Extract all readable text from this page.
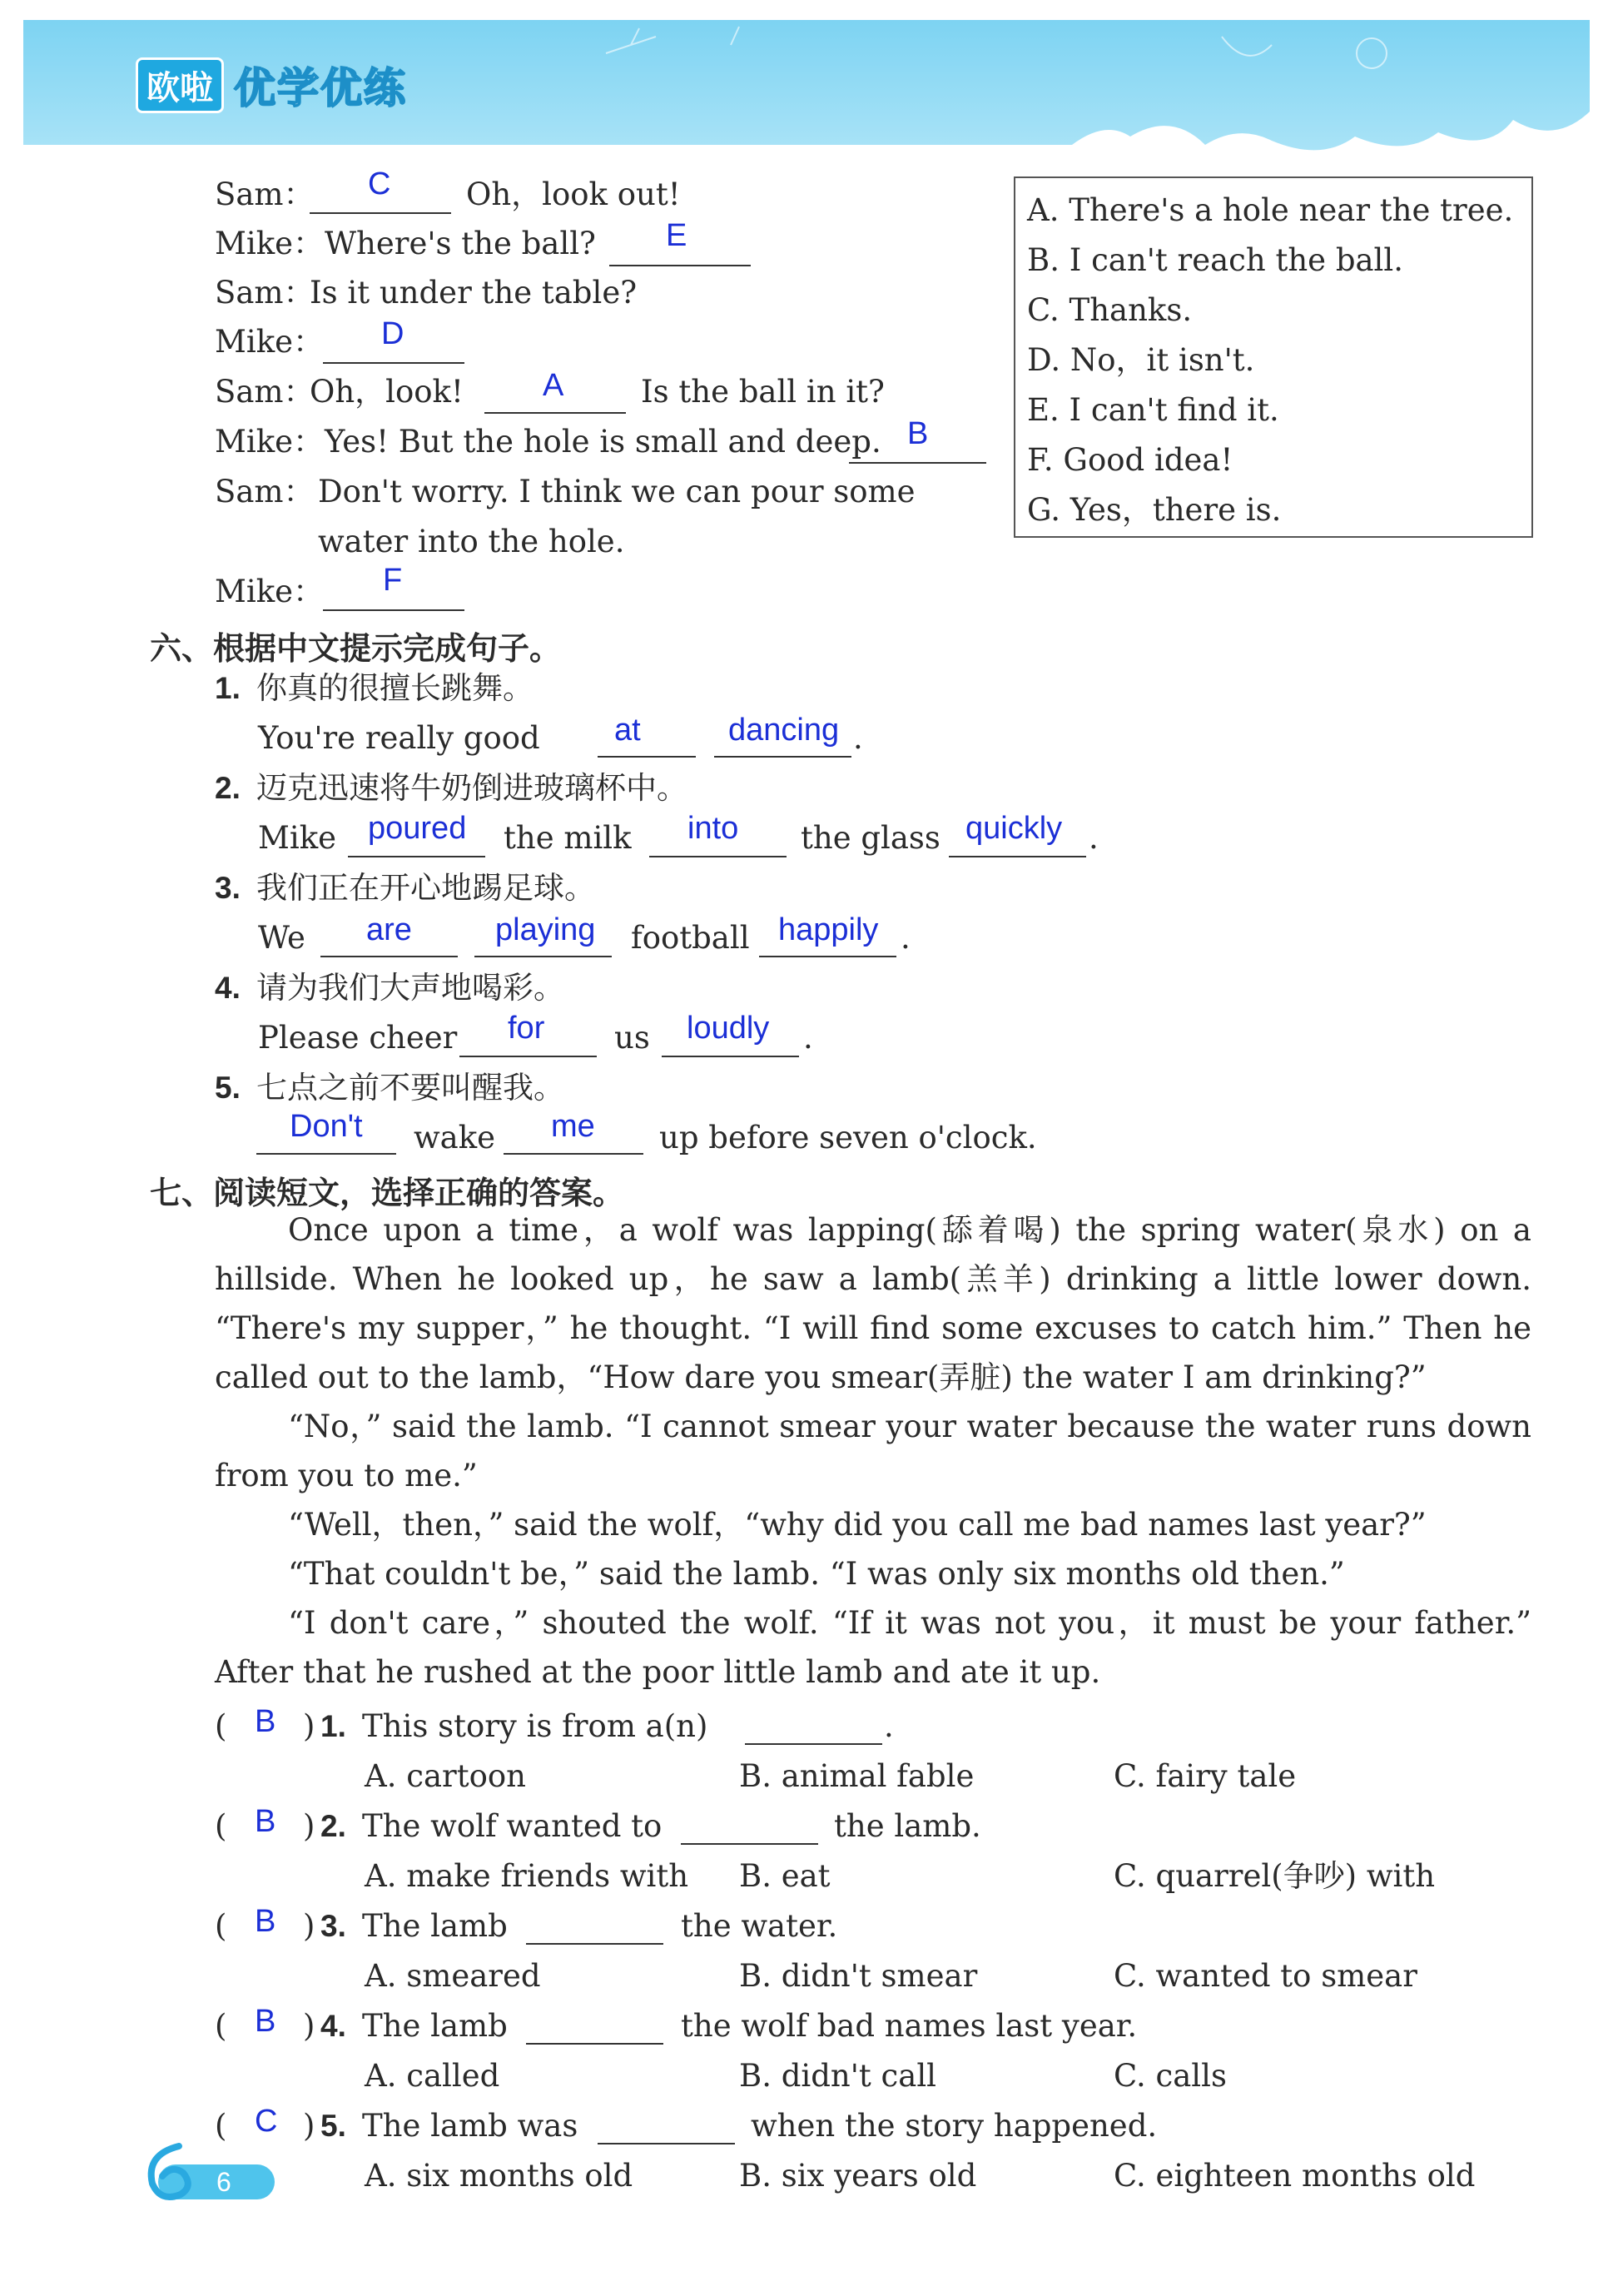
欧啦 优学优练
Sam： C Oh，look out!
Mike： Where's the ball? E
Sam：
Is it under the table?
Mike： D
Sam：
Oh，look!	A	Is the ball in it?
Mike： Yes! But the hole is small and deep. B
Sam： Don't worry. I think we can pour some
water into the hole.
Mike： F
A. There's a hole near the tree.
B. I can't reach the ball.
C. Thanks.
D. No，it isn't.
E. I can't find it.
F. Good idea!
G. Yes，there is.
六、根据中文提示完成句子。
1. 你真的很擅长跳舞。
You're really good at	dancing .
2. 迈克迅速将牛奶倒进玻璃杯中。
Mike poured the milk into the glass quickly .
3. 我们正在开心地踢足球。
We are	playing football happily .
4. 请为我们大声地喝彩。
Please cheer for us loudly .
5. 七点之前不要叫醒我。
Don't wake me up before seven o'clock.
七、阅读短文，选择正确的答案。
Once upon a time，a wolf was lapping(舔着喝) the spring water(泉水) on a hillside. When he looked up，he saw a lamb(羔羊) drinking a little lower down. “There's my supper，” he thought. “I will find some excuses to catch him.” Then he called out to the lamb，“How dare you smear(弄脏) the water I am drinking?”
“No，” said the lamb. “I cannot smear your water because the water runs down from you to me.”
“Well，then，” said the wolf，“why did you call me bad names last year?”
“That couldn't be，” said the lamb. “I was only six months old then.”
“I don't care，” shouted the wolf. “If it was not you，it must be your father.” After that he rushed at the poor little lamb and ate it up.
( B ) 1. This story is from a(n)	.
A. cartoon	B. animal fable	C. fairy tale
( B ) 2. The wolf wanted to	the lamb.
A. make friends with B. eat	C. quarrel(争吵) with
( B ) 3. The lamb	the water.
A. smeared	B. didn't smear	C. wanted to smear
( B ) 4. The lamb	the wolf bad names last year.
A. called	B. didn't call	C. calls
( C ) 5. The lamb was	when the story happened.
A. six months old	B. six years old	C. eighteen months old
6
